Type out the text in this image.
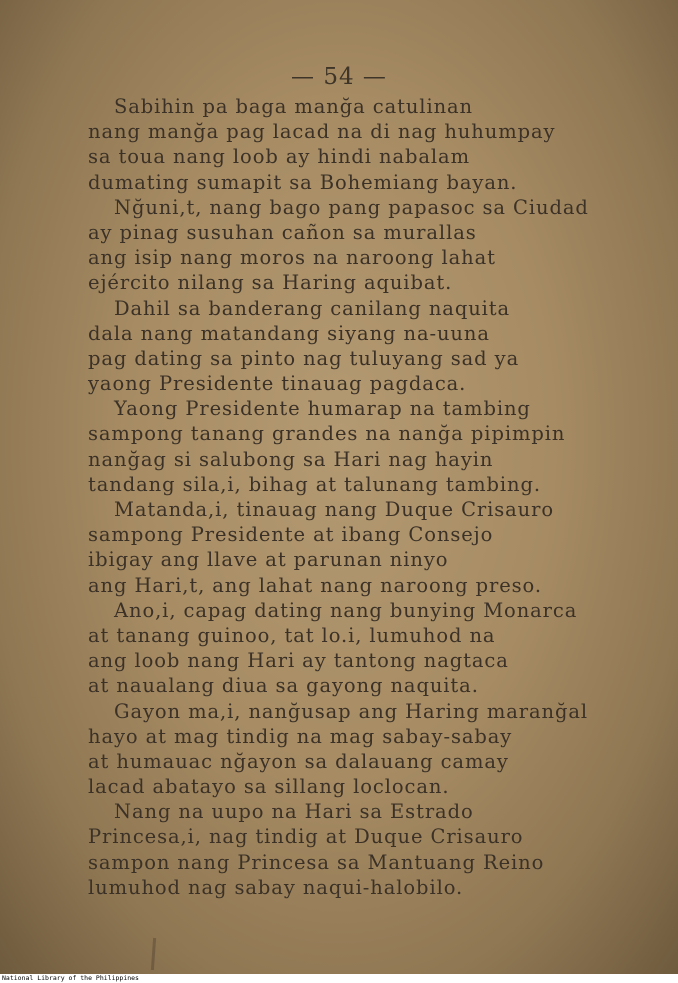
— 54 —
Sabihin pa baga manğa catulinan
nang manğa pag lacad na di nag huhumpay
sa toua nang loob ay hindi nabalam
dumating sumapit sa Bohemiang bayan.
Nğuni,t, nang bago pang papasoc sa Ciudad
ay pinag susuhan cañon sa murallas
ang isip nang moros na naroong lahat
ejército nilang sa Haring aquibat.
Dahil sa banderang canilang naquita
dala nang matandang siyang na-uuna
pag dating sa pinto nag tuluyang sad ya
yaong Presidente tinauag pagdaca.
Yaong Presidente humarap na tambing
sampong tanang grandes na nanğa pipimpin
nanğag si salubong sa Hari nag hayin
tandang sila,i, bihag at talunang tambing.
Matanda,i, tinauag nang Duque Crisauro
sampong Presidente at ibang Consejo
ibigay ang llave at parunan ninyo
ang Hari,t, ang lahat nang naroong preso.
Ano,i, capag dating nang bunying Monarca
at tanang guinoo, tat lo.i, lumuhod na
ang loob nang Hari ay tantong nagtaca
at naualang diua sa gayong naquita.
Gayon ma,i, nanğusap ang Haring maranğal
hayo at mag tindig na mag sabay-sabay
at humauac nğayon sa dalauang camay
lacad abatayo sa sillang loclocan.
Nang na uupo na Hari sa Estrado
Princesa,i, nag tindig at Duque Crisauro
sampon nang Princesa sa Mantuang Reino
lumuhod nag sabay naqui-halobilo.
National Library of the Philippines
